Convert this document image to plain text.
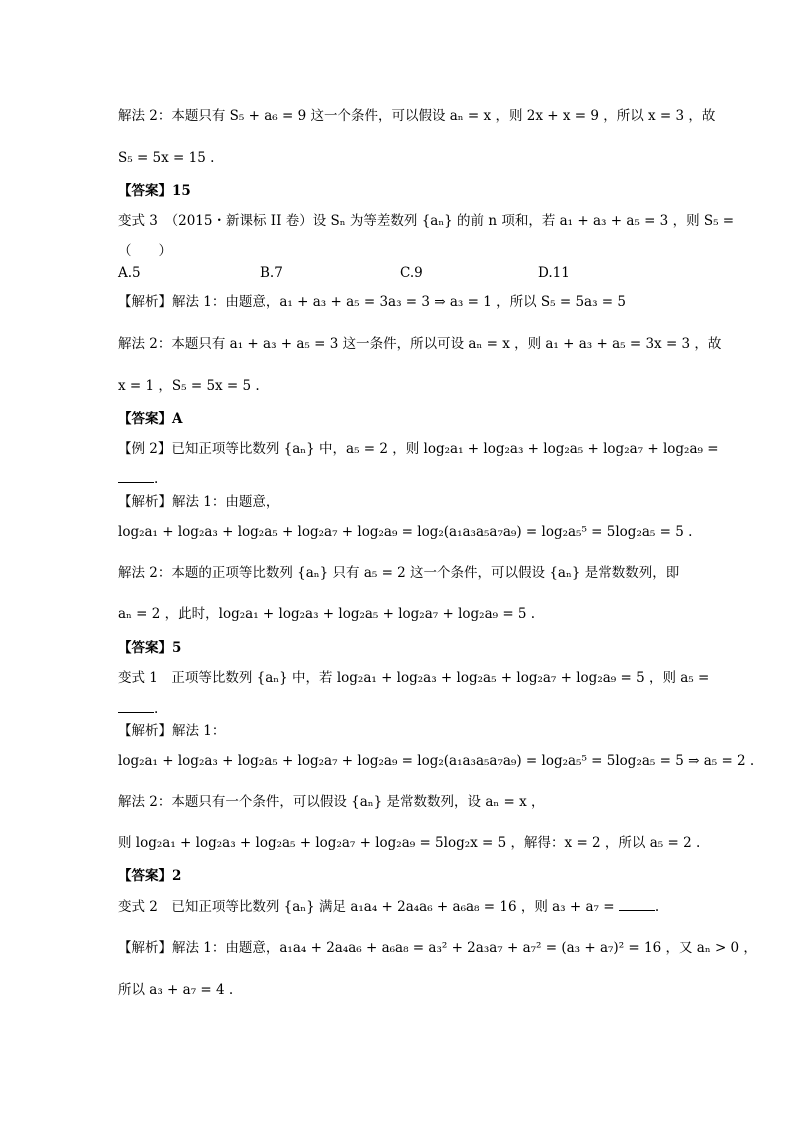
解法 2：本题只有 S₅ + a₆ = 9 这一个条件，可以假设 aₙ = x ，则 2x + x = 9 ，所以 x = 3 ，故
S₅ = 5x = 15 .
【答案】15
变式 3　（2015・新课标 II 卷）设 Sₙ 为等差数列 {aₙ} 的前 n 项和，若 a₁ + a₃ + a₅ = 3 ，则 S₅ =
（　　）
A.5	B.7	C.9	D.11
【解析】解法 1：由题意，a₁ + a₃ + a₅ = 3a₃ = 3 ⇒ a₃ = 1 ，所以 S₅ = 5a₃ = 5
解法 2：本题只有 a₁ + a₃ + a₅ = 3 这一条件，所以可设 aₙ = x ，则 a₁ + a₃ + a₅ = 3x = 3 ，故
x = 1 ，S₅ = 5x = 5 .
【答案】A
【例 2】已知正项等比数列 {aₙ} 中，a₅ = 2 ，则 log₂a₁ + log₂a₃ + log₂a₅ + log₂a₇ + log₂a₉ =
.
【解析】解法 1：由题意，
log₂a₁ + log₂a₃ + log₂a₅ + log₂a₇ + log₂a₉ = log₂(a₁a₃a₅a₇a₉) = log₂a₅⁵ = 5log₂a₅ = 5 .
解法 2：本题的正项等比数列 {aₙ} 只有 a₅ = 2 这一个条件，可以假设 {aₙ} 是常数数列，即
aₙ = 2 ，此时，log₂a₁ + log₂a₃ + log₂a₅ + log₂a₇ + log₂a₉ = 5 .
【答案】5
变式 1　正项等比数列 {aₙ} 中，若 log₂a₁ + log₂a₃ + log₂a₅ + log₂a₇ + log₂a₉ = 5 ，则 a₅ =
.
【解析】解法 1：
log₂a₁ + log₂a₃ + log₂a₅ + log₂a₇ + log₂a₉ = log₂(a₁a₃a₅a₇a₉) = log₂a₅⁵ = 5log₂a₅ = 5 ⇒ a₅ = 2 .
解法 2：本题只有一个条件，可以假设 {aₙ} 是常数数列，设 aₙ = x ，
则 log₂a₁ + log₂a₃ + log₂a₅ + log₂a₇ + log₂a₉ = 5log₂x = 5 ，解得：x = 2 ，所以 a₅ = 2 .
【答案】2
变式 2　已知正项等比数列 {aₙ} 满足 a₁a₄ + 2a₄a₆ + a₆a₈ = 16 ，则 a₃ + a₇ =	.
【解析】解法 1：由题意，a₁a₄ + 2a₄a₆ + a₆a₈ = a₃² + 2a₃a₇ + a₇² = (a₃ + a₇)² = 16 ，又 aₙ > 0 ，
所以 a₃ + a₇ = 4 .
